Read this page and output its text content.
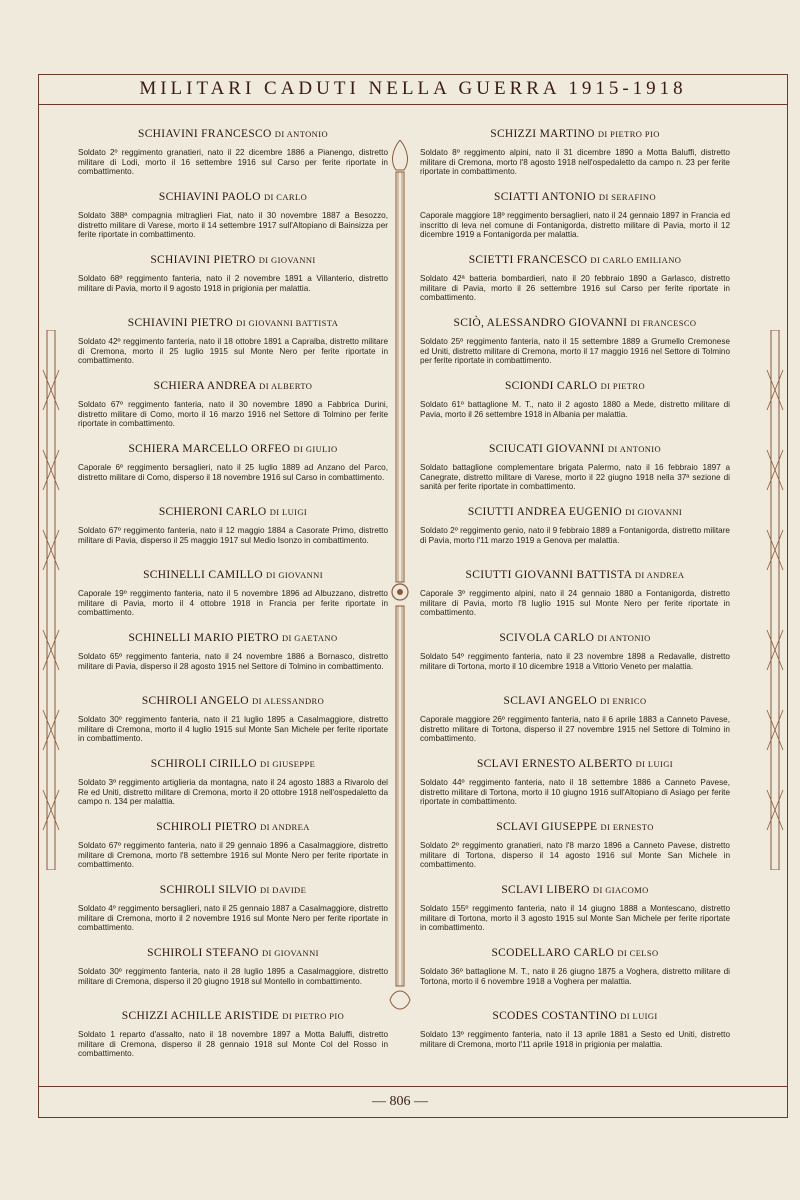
MILITARI CADUTI NELLA GUERRA 1915-1918
SCHIAVINI FRANCESCO DI ANTONIO

Soldato 2º reggimento granatieri, nato il 22 dicembre 1886 a Pianengo, distretto militare di Lodi, morto il 16 settembre 1916 sul Carso per ferite riportate in combattimento.

SCHIAVINI PAOLO DI CARLO

Soldato 388ª compagnia mitraglieri Fiat, nato il 30 novembre 1887 a Besozzo, distretto militare di Varese, morto il 14 settembre 1917 sull'Altopiano di Bainsizza per ferite riportate in combattimento.

SCHIAVINI PIETRO DI GIOVANNI

Soldato 68º reggimento fanteria, nato il 2 novembre 1891 a Villanterio, distretto militare di Pavia, morto il 9 agosto 1918 in prigionia per malattia.

SCHIAVINI PIETRO DI GIOVANNI BATTISTA

Soldato 42º reggimento fanteria, nato il 18 ottobre 1891 a Capralba, distretto militare di Cremona, morto il 25 luglio 1915 sul Monte Nero per ferite riportate in combattimento.

SCHIERA ANDREA DI ALBERTO

Soldato 67º reggimento fanteria, nato il 30 novembre 1890 a Fabbrica Durini, distretto militare di Como, morto il 16 marzo 1916 nel Settore di Tolmino per ferite riportate in combattimento.

SCHIERA MARCELLO ORFEO DI GIULIO

Caporale 6º reggimento bersaglieri, nato il 25 luglio 1889 ad Anzano del Parco, distretto militare di Como, disperso il 18 novembre 1916 sul Carso in combattimento.

SCHIERONI CARLO DI LUIGI

Soldato 67º reggimento fanteria, nato il 12 maggio 1884 a Casorate Primo, distretto militare di Pavia, disperso il 25 maggio 1917 sul Medio Isonzo in combattimento.

SCHINELLI CAMILLO DI GIOVANNI

Caporale 19º reggimento fanteria, nato il 5 novembre 1896 ad Albuzzano, distretto militare di Pavia, morto il 4 ottobre 1918 in Francia per ferite riportate in combattimento.

SCHINELLI MARIO PIETRO DI GAETANO

Soldato 65º reggimento fanteria, nato il 24 novembre 1886 a Bornasco, distretto militare di Pavia, disperso il 28 agosto 1915 nel Settore di Tolmino in combattimento.

SCHIROLI ANGELO DI ALESSANDRO

Soldato 30º reggimento fanteria, nato il 21 luglio 1895 a Casalmaggiore, distretto militare di Cremona, morto il 4 luglio 1915 sul Monte San Michele per ferite riportate in combattimento.

SCHIROLI CIRILLO DI GIUSEPPE

Soldato 3º reggimento artiglieria da montagna, nato il 24 agosto 1883 a Rivarolo del Re ed Uniti, distretto militare di Cremona, morto il 20 ottobre 1918 nell'ospedaletto da campo n. 134 per malattia.

SCHIROLI PIETRO DI ANDREA

Soldato 67º reggimento fanteria, nato il 29 gennaio 1896 a Casalmaggiore, distretto militare di Cremona, morto l'8 settembre 1916 sul Monte Nero per ferite riportate in combattimento.

SCHIROLI SILVIO DI DAVIDE

Soldato 4º reggimento bersaglieri, nato il 25 gennaio 1887 a Casalmaggiore, distretto militare di Cremona, morto il 2 novembre 1916 sul Monte Nero per ferite riportate in combattimento.

SCHIROLI STEFANO DI GIOVANNI

Soldato 30º reggimento fanteria, nato il 28 luglio 1895 a Casalmaggiore, distretto militare di Cremona, disperso il 20 giugno 1918 sul Montello in combattimento.

SCHIZZI ACHILLE ARISTIDE DI PIETRO PIO

Soldato 1 reparto d'assalto, nato il 18 novembre 1897 a Motta Baluffi, distretto militare di Cremona, disperso il 28 gennaio 1918 sul Monte Col del Rosso in combattimento.

SCHIZZI MARTINO DI PIETRO PIO

Soldato 8º reggimento alpini, nato il 31 dicembre 1890 a Motta Baluffi, distretto militare di Cremona, morto l'8 agosto 1918 nell'ospedaletto da campo n. 23 per ferite riportate in combattimento.

SCIATTI ANTONIO DI SERAFINO

Caporale maggiore 18º reggimento bersaglieri, nato il 24 gennaio 1897 in Francia ed inscritto di leva nel comune di Fontanigorda, distretto militare di Pavia, morto il 12 dicembre 1919 a Fontanigorda per malattia.

SCIETTI FRANCESCO DI CARLO EMILIANO

Soldato 42ª batteria bombardieri, nato il 20 febbraio 1890 a Garlasco, distretto militare di Pavia, morto il 26 settembre 1916 sul Carso per ferite riportate in combattimento.

SCIÒ, ALESSANDRO GIOVANNI DI FRANCESCO

Soldato 25º reggimento fanteria, nato il 15 settembre 1889 a Grumello Cremonese ed Uniti, distretto militare di Cremona, morto il 17 maggio 1916 nel Settore di Tolmino per ferite riportate in combattimento.

SCIONDI CARLO DI PIETRO

Soldato 61º battaglione M. T., nato il 2 agosto 1880 a Mede, distretto militare di Pavia, morto il 26 settembre 1918 in Albania per malattia.

SCIUCATI GIOVANNI DI ANTONIO

Soldato battaglione complementare brigata Palermo, nato il 16 febbraio 1897 a Canegrate, distretto militare di Varese, morto il 22 giugno 1918 nella 37ª sezione di sanità per ferite riportate in combattimento.

SCIUTTI ANDREA EUGENIO DI GIOVANNI

Soldato 2º reggimento genio, nato il 9 febbraio 1889 a Fontanigorda, distretto militare di Pavia, morto l'11 marzo 1919 a Genova per malattia.

SCIUTTI GIOVANNI BATTISTA DI ANDREA

Caporale 3º reggimento alpini, nato il 24 gennaio 1880 a Fontanigorda, distretto militare di Pavia, morto l'8 luglio 1915 sul Monte Nero per ferite riportate in combattimento.

SCIVOLA CARLO DI ANTONIO

Soldato 54º reggimento fanteria, nato il 23 novembre 1898 a Redavalle, distretto militare di Tortona, morto il 10 dicembre 1918 a Vittorio Veneto per malattia.

SCLAVI ANGELO DI ENRICO

Caporale maggiore 26º reggimento fanteria, nato il 6 aprile 1883 a Canneto Pavese, distretto militare di Tortona, disperso il 27 novembre 1915 nel Settore di Tolmino in combattimento.

SCLAVI ERNESTO ALBERTO DI LUIGI

Soldato 44º reggimento fanteria, nato il 18 settembre 1886 a Canneto Pavese, distretto militare di Tortona, morto il 10 giugno 1916 sull'Altopiano di Asiago per ferite riportate in combattimento.

SCLAVI GIUSEPPE DI ERNESTO

Soldato 2º reggimento granatieri, nato l'8 marzo 1896 a Canneto Pavese, distretto militare di Tortona, disperso il 14 agosto 1916 sul Monte San Michele in combattimento.

SCLAVI LIBERO DI GIACOMO

Soldato 155º reggimento fanteria, nato il 14 giugno 1888 a Montescano, distretto militare di Tortona, morto il 3 agosto 1915 sul Monte San Michele per ferite riportate in combattimento.

SCODELLARO CARLO DI CELSO

Soldato 36º battaglione M. T., nato il 26 giugno 1875 a Voghera, distretto militare di Tortona, morto il 6 novembre 1918 a Voghera per malattia.

SCODES COSTANTINO DI LUIGI

Soldato 13º reggimento fanteria, nato il 13 aprile 1881 a Sesto ed Uniti, distretto militare di Cremona, morto l'11 aprile 1918 in prigionia per malattia.

— 806 —
